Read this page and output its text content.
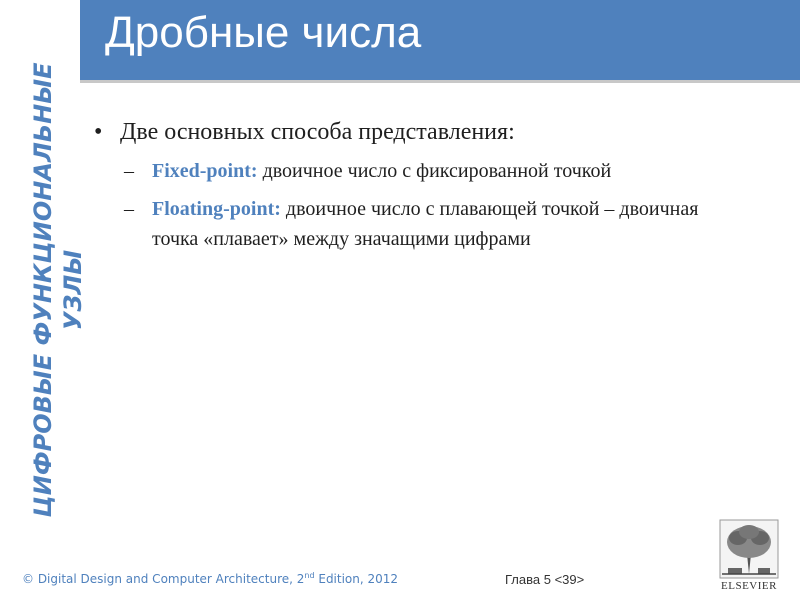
Дробные числа
ЦИФРОВЫЕ ФУНКЦИОНАЛЬНЫЕ УЗЛЫ
• Две основных способа представления:
– Fixed-point: двоичное число с фиксированной точкой
– Floating-point: двоичное число с плавающей точкой – двоичная точка «плавает» между значащими цифрами
© Digital Design and Computer Architecture, 2nd Edition, 2012	Глава 5 <39>	ELSEVIER
